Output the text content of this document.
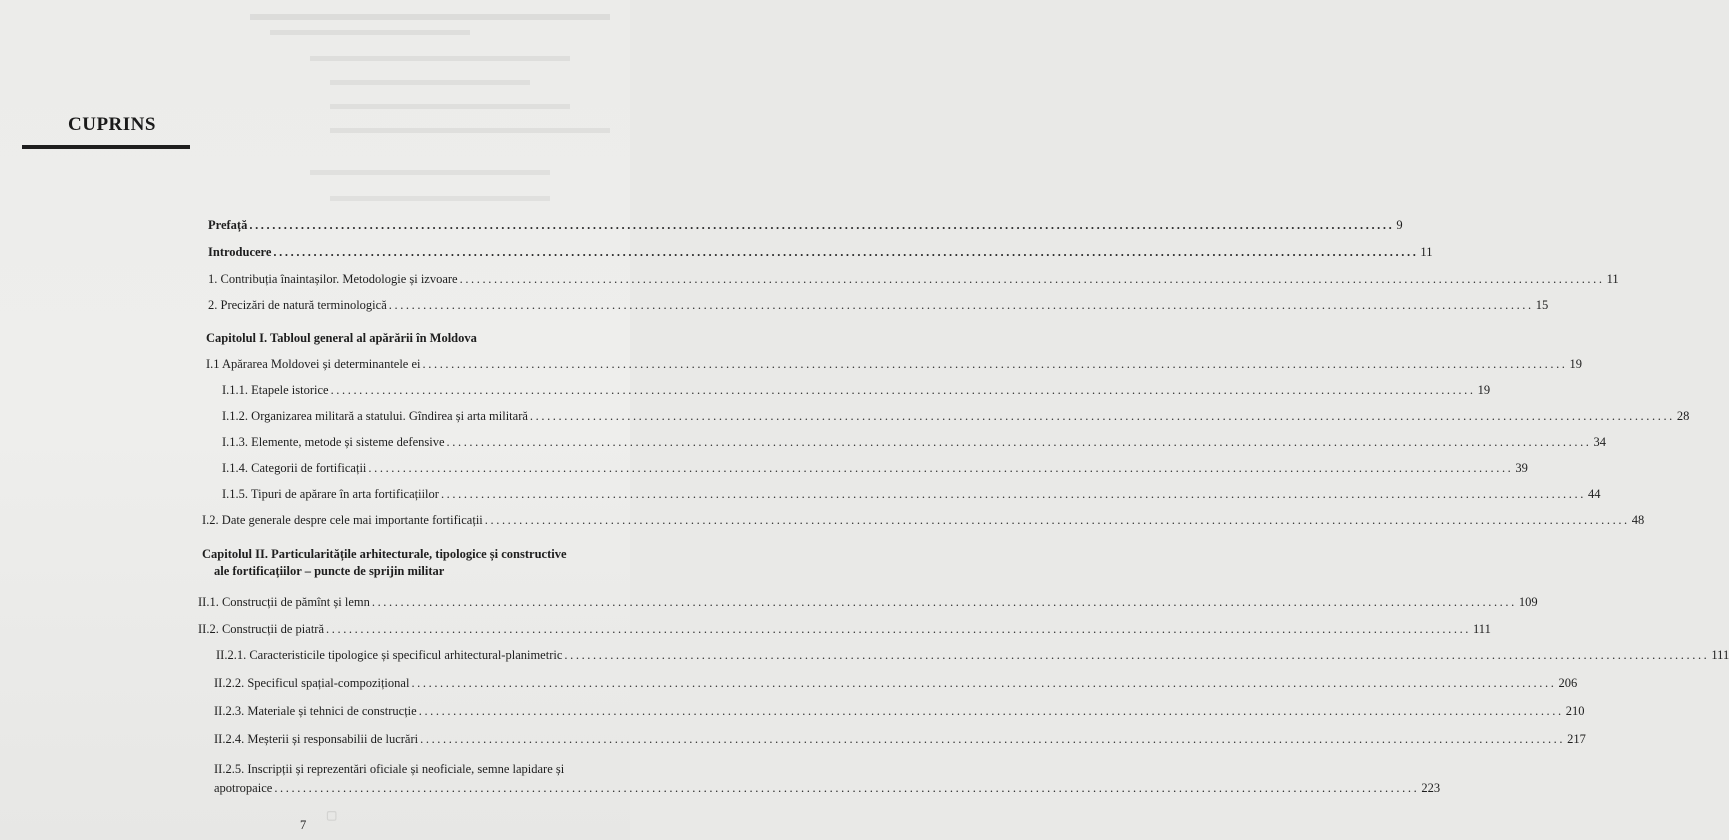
CUPRINS
Prefață .....	9
Introducere .....	11
1. Contribuția înaintașilor. Metodologie și izvoare .....	11
2. Precizări de natură terminologică .....	15
Capitolul I. Tabloul general al apărării în Moldova
I.1 Apărarea Moldovei și determinantele ei .....	19
I.1.1. Etapele istorice .....	19
I.1.2. Organizarea militară a statului. Gîndirea și arta militară .....	28
I.1.3. Elemente, metode și sisteme defensive .....	34
I.1.4. Categorii de fortificații .....	39
I.1.5. Tipuri de apărare în arta fortificațiilor .....	44
I.2. Date generale despre cele mai importante fortificații .....	48
Capitolul II. Particularitățile arhitecturale, tipologice și constructive
ale fortificațiilor – puncte de sprijin militar
II.1. Construcții de pămînt și lemn .....	109
II.2. Construcții de piatră .....	111
II.2.1. Caracteristicile tipologice și specificul arhitectural-planimetric .....	111
II.2.2. Specificul spațial-compozițional .....	206
II.2.3. Materiale și tehnici de construcție .....	210
II.2.4. Meșterii și responsabilii de lucrări .....	217
II.2.5. Inscripții și reprezentări oficiale și neoficiale, semne lapidare și
apotropaice .....	223
7
▢
